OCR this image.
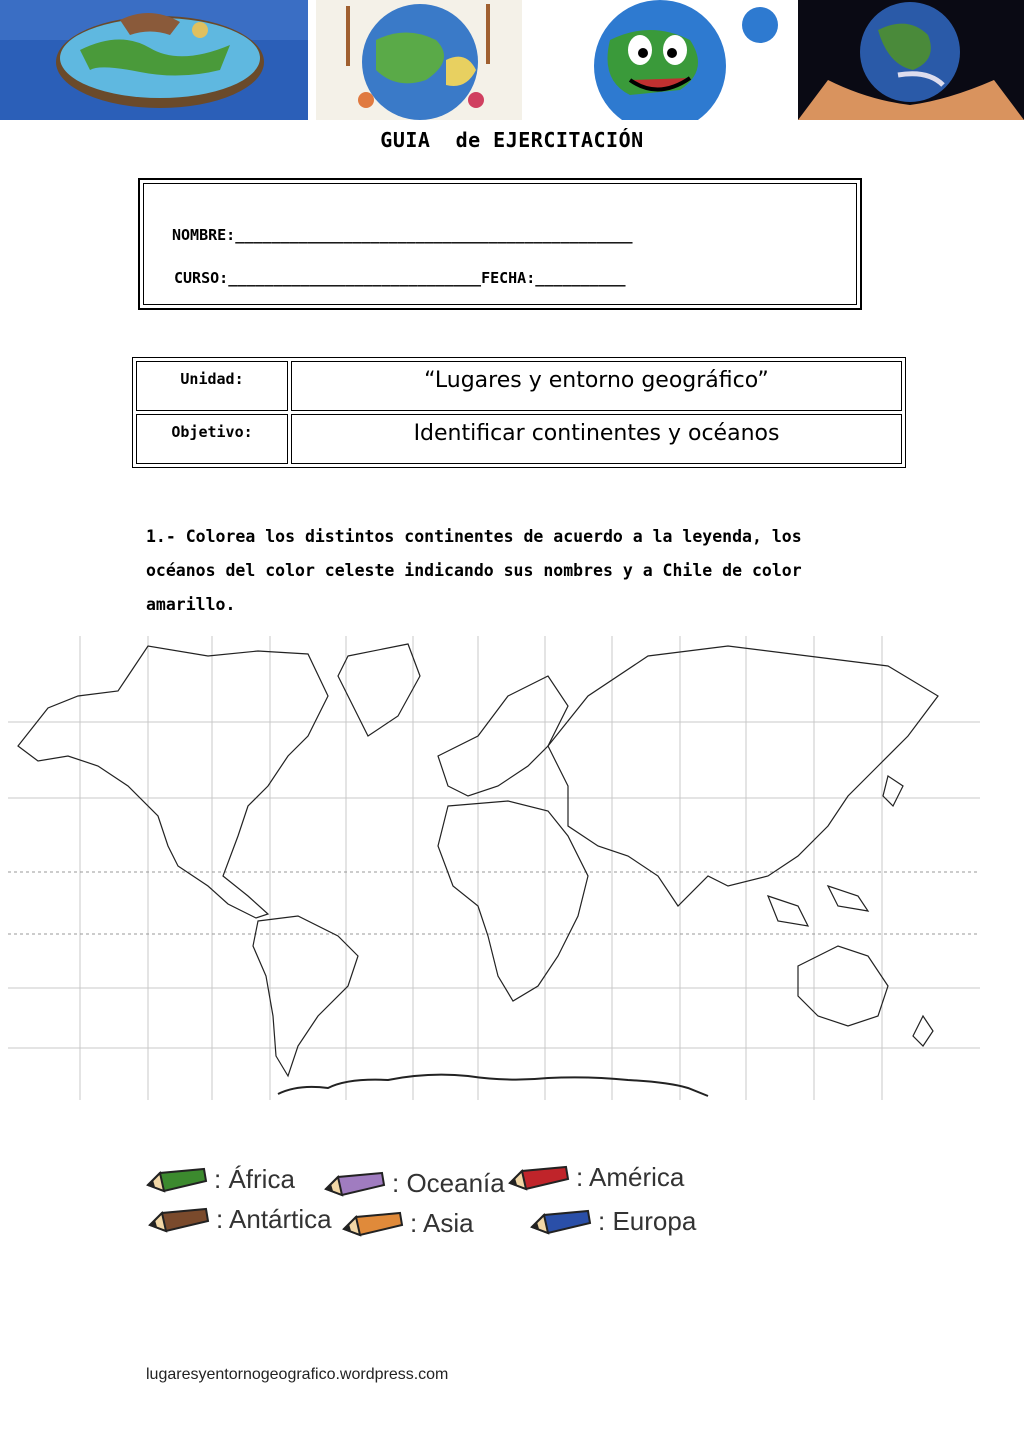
GUIA de EJERCITACIÓN
NOMBRE:____________________________________________
CURSO:____________________________FECHA:__________
Unidad:	“Lugares y entorno geográfico”
Objetivo:	Identificar continentes y océanos
1.- Colorea los distintos continentes de acuerdo a la leyenda, los océanos del color celeste indicando sus nombres y a Chile de color amarillo.
: África	: Oceanía	: América
: Antártica	: Asia	: Europa
lugaresyentornogeografico.wordpress.com
